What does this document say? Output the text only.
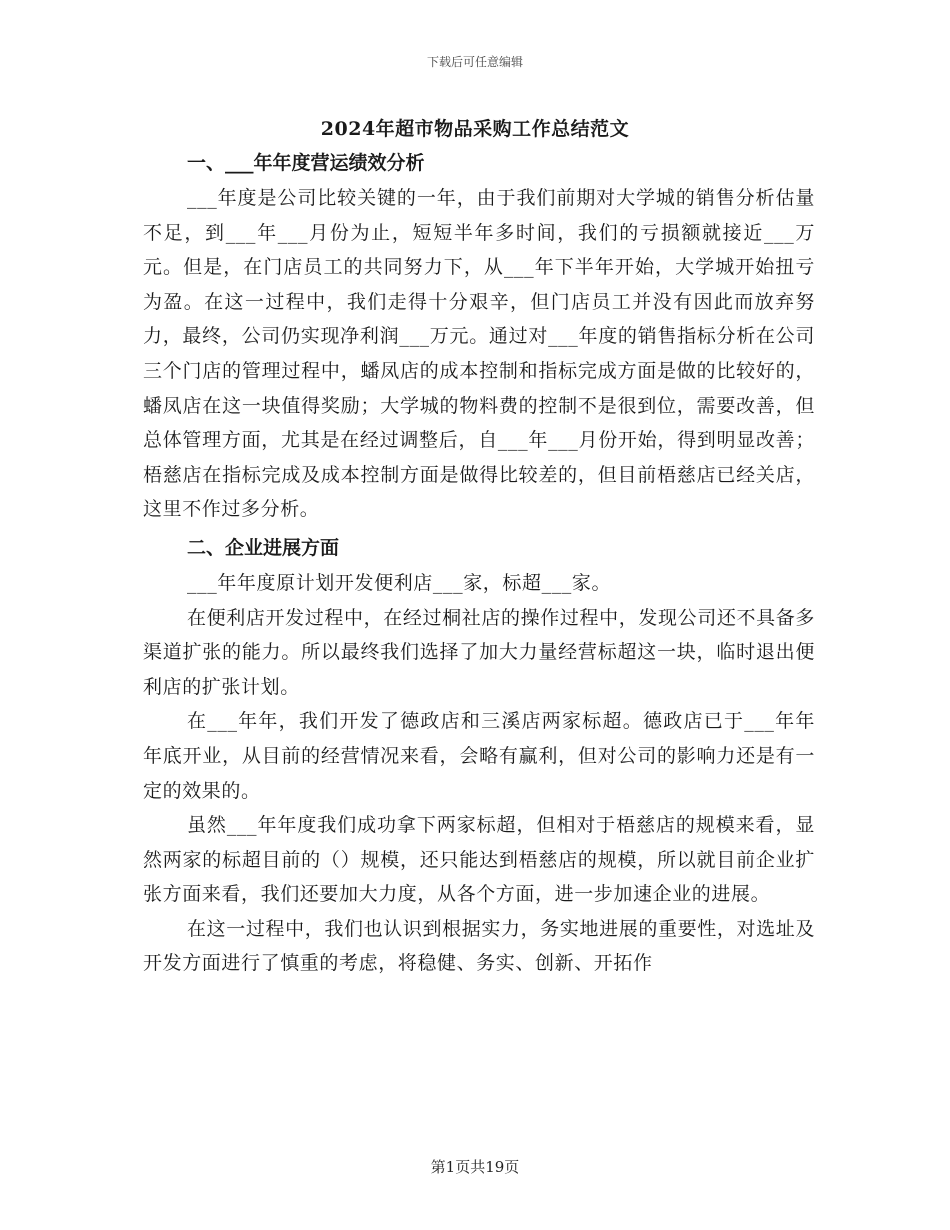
下载后可任意编辑
2024年超市物品采购工作总结范文

一、___年年度营运绩效分析

___年度是公司比较关键的一年，由于我们前期对大学城的销售分析估量不足，到___年___月份为止，短短半年多时间，我们的亏损额就接近___万元。但是，在门店员工的共同努力下，从___年下半年开始，大学城开始扭亏为盈。在这一过程中，我们走得十分艰辛，但门店员工并没有因此而放弃努力，最终，公司仍实现净利润___万元。通过对___年度的销售指标分析在公司三个门店的管理过程中，蟠凤店的成本控制和指标完成方面是做的比较好的，蟠凤店在这一块值得奖励；大学城的物料费的控制不是很到位，需要改善，但总体管理方面，尤其是在经过调整后，自___年___月份开始，得到明显改善；梧慈店在指标完成及成本控制方面是做得比较差的，但目前梧慈店已经关店，这里不作过多分析。

二、企业进展方面

___年年度原计划开发便利店___家，标超___家。

在便利店开发过程中，在经过桐社店的操作过程中，发现公司还不具备多渠道扩张的能力。所以最终我们选择了加大力量经营标超这一块，临时退出便利店的扩张计划。

在___年年，我们开发了德政店和三溪店两家标超。德政店已于___年年年底开业，从目前的经营情况来看，会略有赢利，但对公司的影响力还是有一定的效果的。

虽然___年年度我们成功拿下两家标超，但相对于梧慈店的规模来看，显然两家的标超目前的（）规模，还只能达到梧慈店的规模，所以就目前企业扩张方面来看，我们还要加大力度，从各个方面，进一步加速企业的进展。

在这一过程中，我们也认识到根据实力，务实地进展的重要性，对选址及开发方面进行了慎重的考虑，将稳健、务实、创新、开拓作

第1页共19页
